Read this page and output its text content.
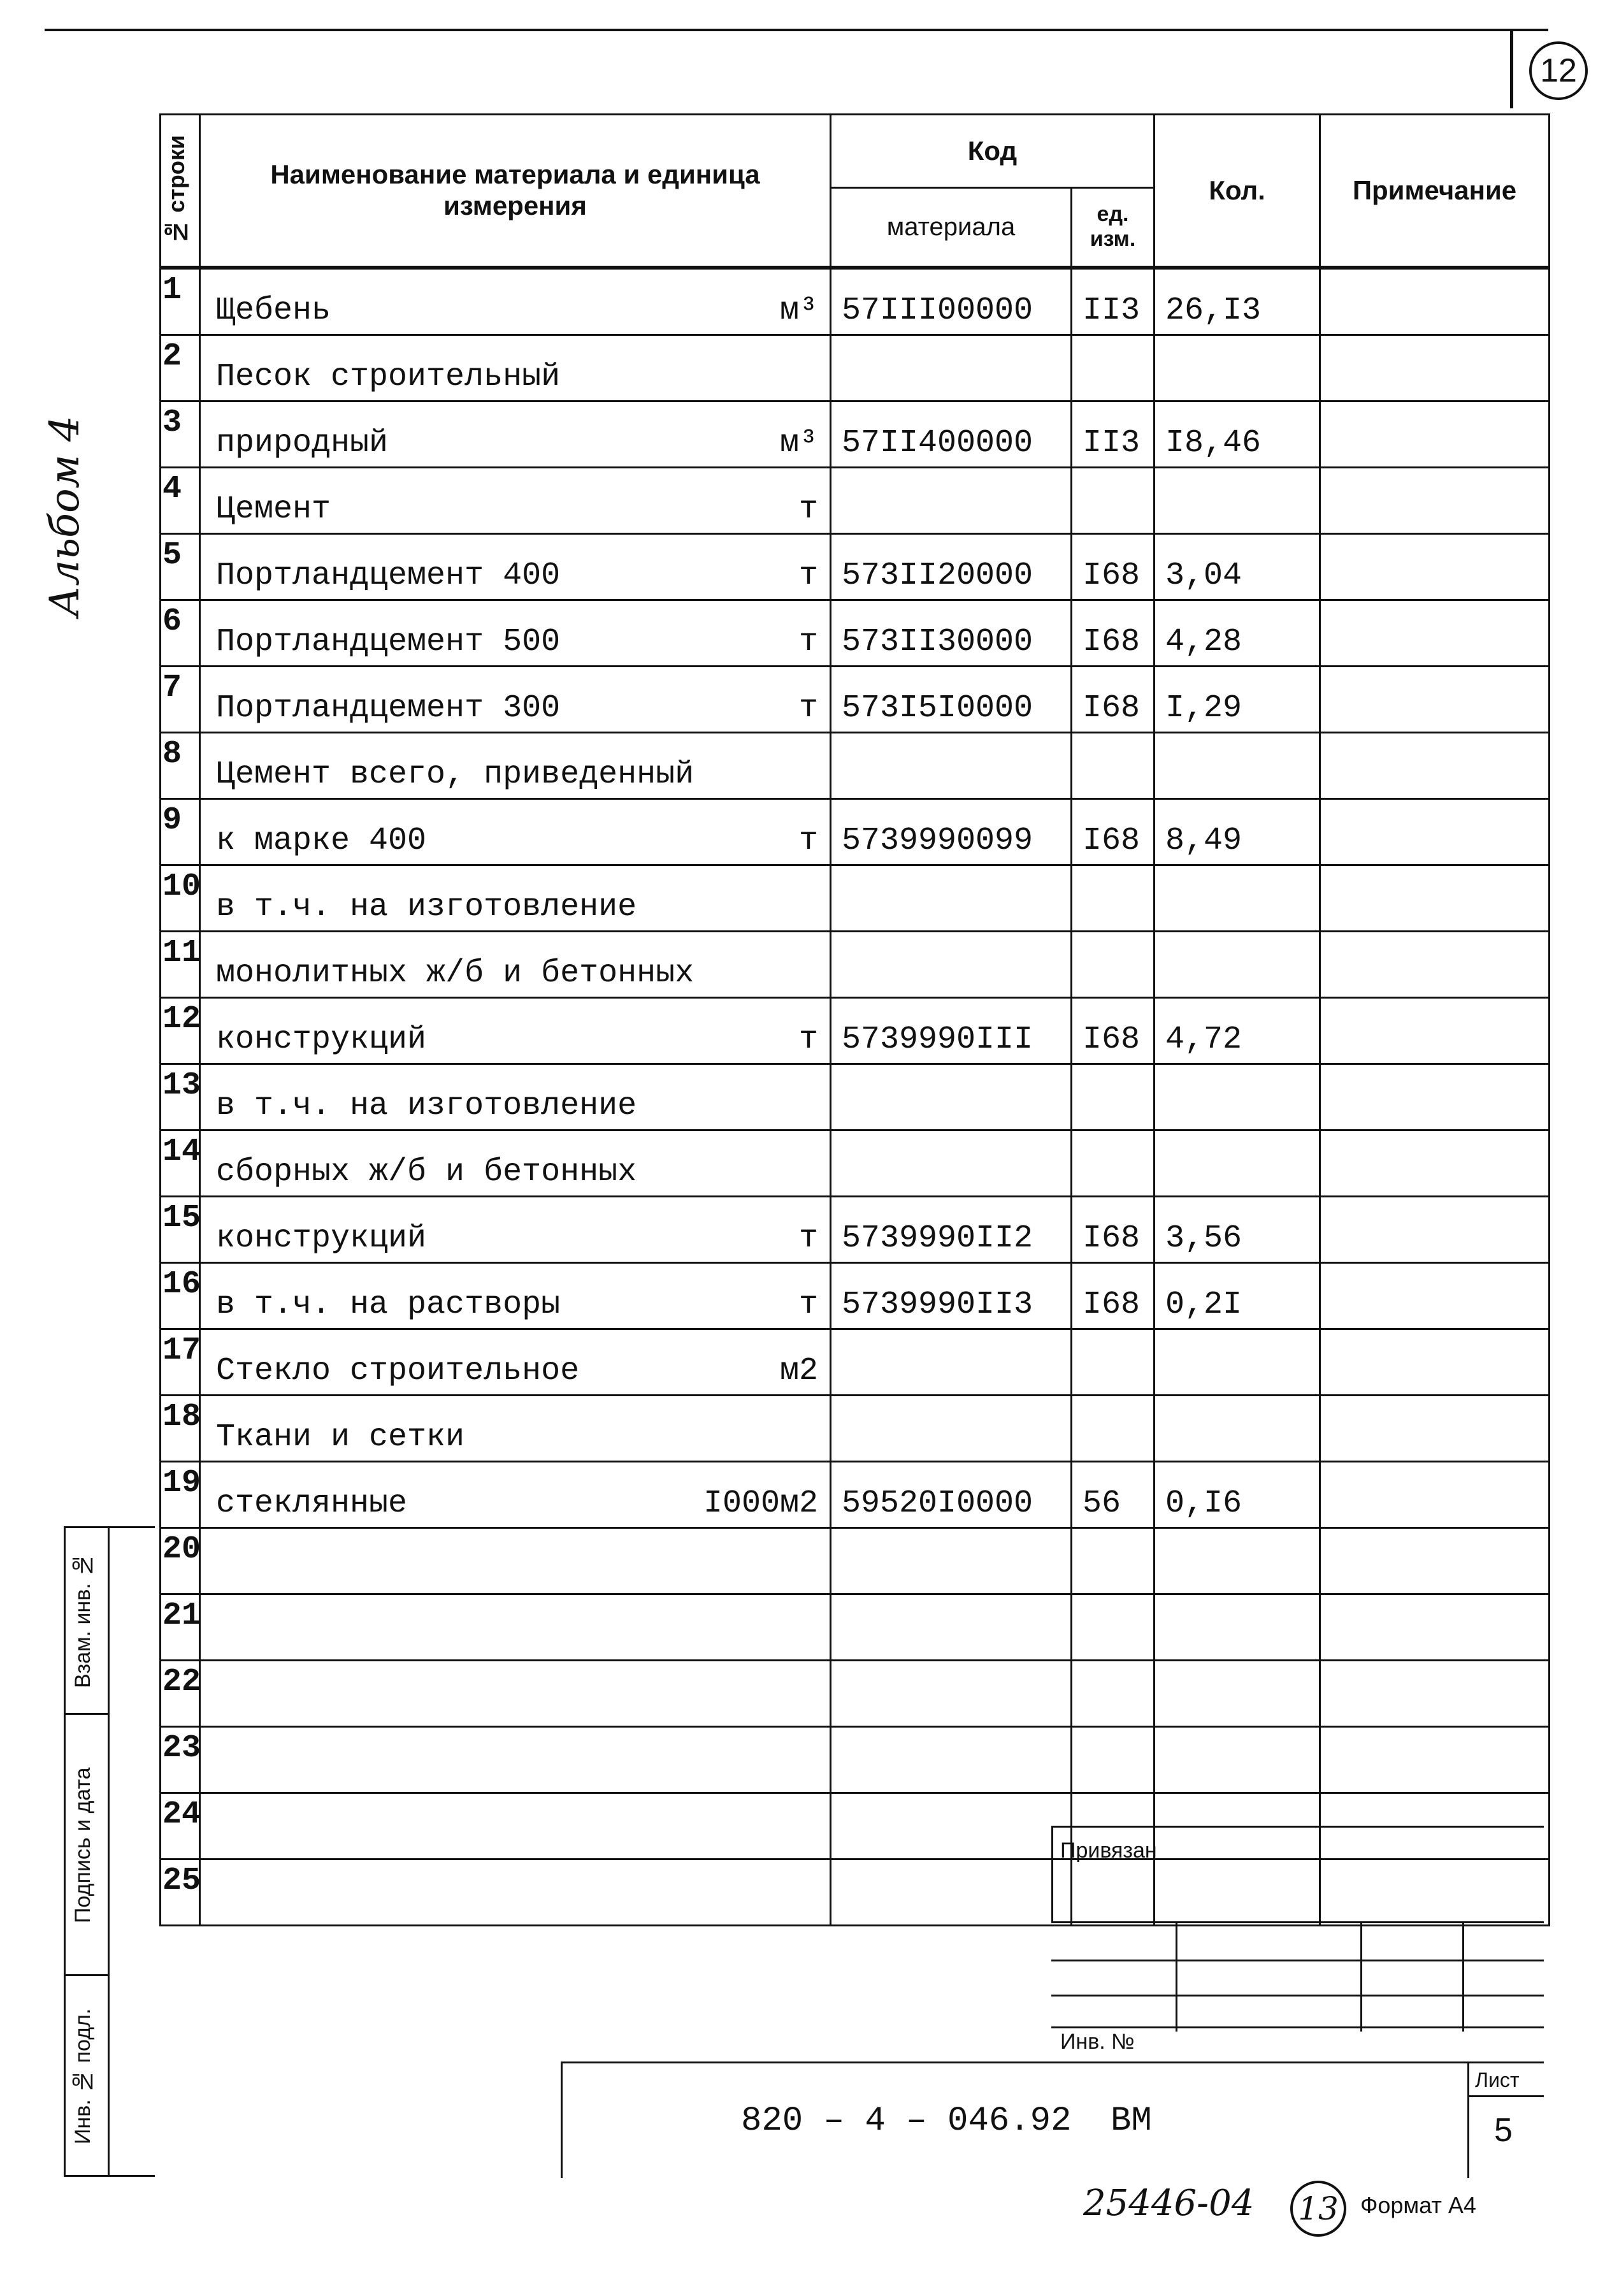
12
Альбом 4
№ строки	Наименование материала и единица измерения	Код		Кол.	Примечание
		материала	ед. изм.		
1	Щебень м³	57III00000	II3	26,I3	
2	Песок строительный

3	природный м³	57II400000	II3	I8,46	
4	Цемент т				

5	Портландцемент 400 т	573II20000	I68	3,04	
6	Портландцемент 500 т	573II30000	I68	4,28	
7	Портландцемент 300 т	573I5I0000	I68	I,29	
8	Цемент всего, приведенный

9	к марке 400 т	5739990099	I68	8,49	
10	в т.ч. на изготовление

11	монолитных ж/б и бетонных

12	конструкций т	5739990III	I68	4,72	
13	в т.ч. на изготовление

14	сборных ж/б и бетонных

15	конструкций т	5739990II2	I68	3,56	
16	в т.ч. на растворы т	5739990II3	I68	0,2I	
17	Стекло строительное м2				

18	Ткани и сетки

19	стеклянные I000м2	59520I0000	56	0,I6	
20	

21	

22	

23	

24	

25	

Взам. инв. №
Подпись и дата
Инв. № подл.
Привязан
Инв. №
820 – 4 – 046.92 ВМ
Лист
5
25446-04 13 Формат А4
